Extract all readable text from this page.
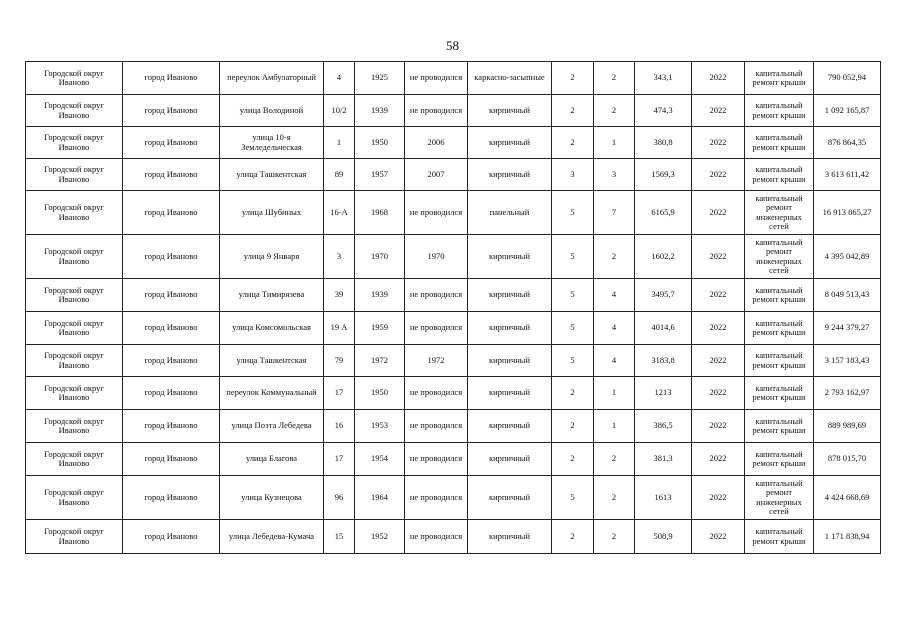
58
Городской округ Иваново	город Иваново	переулок Амбулаторный	4	1925	не проводился	каркасно-засыпные	2	2	343,1	2022	капитальный ремонт крыши	790 052,94
Городской округ Иваново	город Иваново	улица Володиной	10/2	1939	не проводился	кирпичный	2	2	474,3	2022	капитальный ремонт крыши	1 092 165,87
Городской округ Иваново	город Иваново	улица 10-я Земледельческая	1	1950	2006	кирпичный	2	1	380,8	2022	капитальный ремонт крыши	876 864,35
Городской округ Иваново	город Иваново	улица Ташкентская	89	1957	2007	кирпичный	3	3	1569,3	2022	капитальный ремонт крыши	3 613 611,42
Городской округ Иваново	город Иваново	улица Шубиных	16-А	1968	не проводился	панельный	5	7	6165,9	2022	капитальный ремонт инженерных сетей	16 913 865,27
Городской округ Иваново	город Иваново	улица 9 Января	3	1970	1970	кирпичный	5	2	1602,2	2022	капитальный ремонт инженерных сетей	4 395 042,89
Городской округ Иваново	город Иваново	улица Тимирязева	39	1939	не проводился	кирпичный	5	4	3495,7	2022	капитальный ремонт крыши	8 049 513,43
Городской округ Иваново	город Иваново	улица Комсомольская	19 А	1959	не проводился	кирпичный	5	4	4014,6	2022	капитальный ремонт крыши	9 244 379,27
Городской округ Иваново	город Иваново	улица Ташкентская	79	1972	1972	кирпичный	5	4	3183,8	2022	капитальный ремонт крыши	3 157 183,43
Городской округ Иваново	город Иваново	переулок Коммунальный	17	1950	не проводился	кирпичный	2	1	1213	2022	капитальный ремонт крыши	2 793 162,97
Городской округ Иваново	город Иваново	улица Поэта Лебедева	16	1953	не проводился	кирпичный	2	1	386,5	2022	капитальный ремонт крыши	889 989,69
Городской округ Иваново	город Иваново	улица Благова	17	1954	не проводился	кирпичный	2	2	381,3	2022	капитальный ремонт крыши	878 015,70
Городской округ Иваново	город Иваново	улица Кузнецова	96	1964	не проводился	кирпичный	5	2	1613	2022	капитальный ремонт инженерных сетей	4 424 668,69
Городской округ Иваново	город Иваново	улица Лебедева-Кумача	15	1952	не проводился	кирпичный	2	2	508,9	2022	капитальный ремонт крыши	1 171 838,94
